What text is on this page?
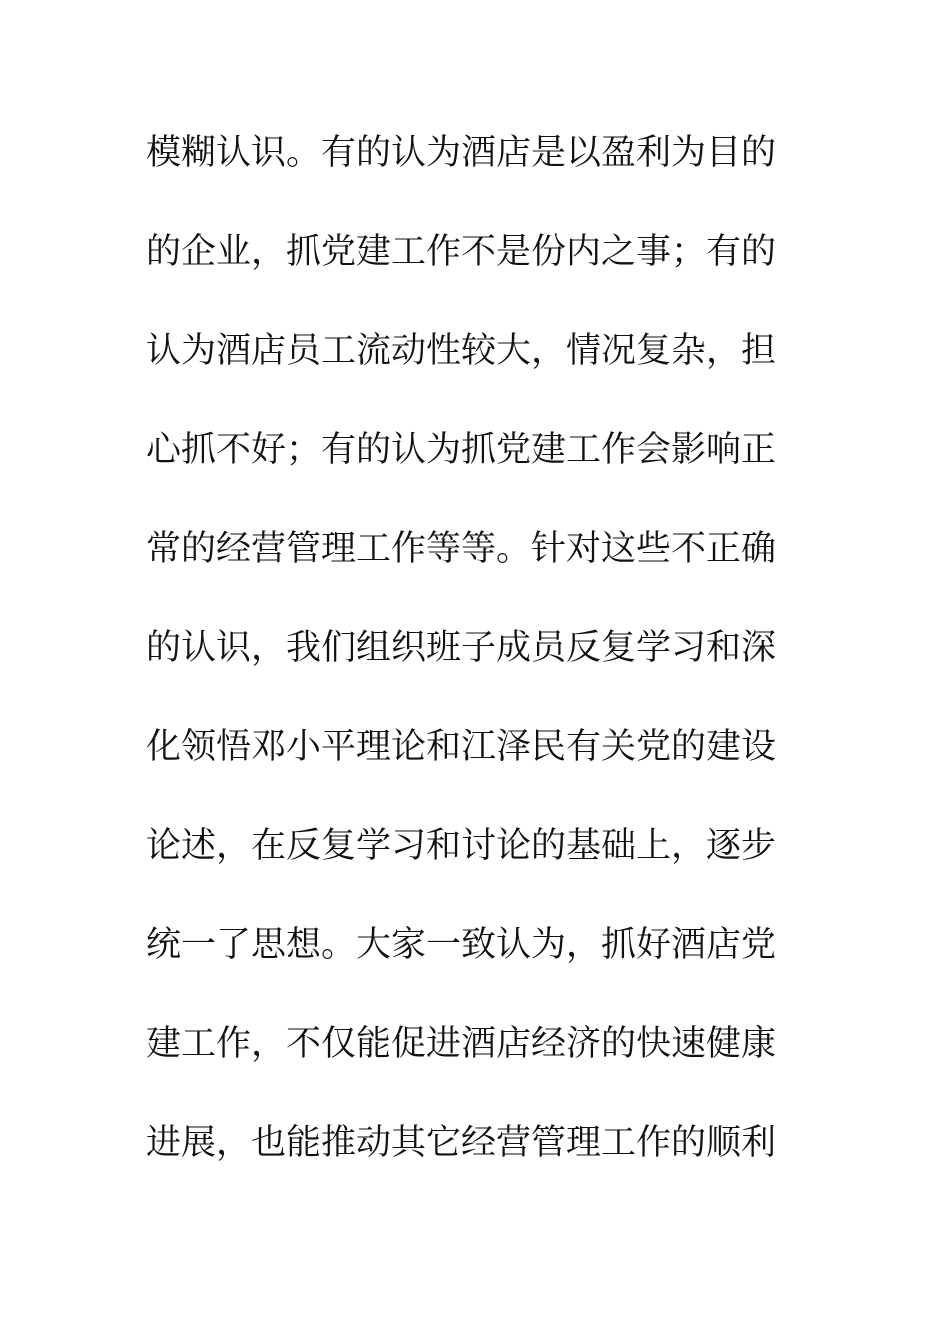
模糊认识。有的认为酒店是以盈利为目的
的企业，抓党建工作不是份内之事；有的
认为酒店员工流动性较大，情况复杂，担
心抓不好；有的认为抓党建工作会影响正
常的经营管理工作等等。针对这些不正确
的认识，我们组织班子成员反复学习和深
化领悟邓小平理论和江泽民有关党的建设
论述，在反复学习和讨论的基础上，逐步
统一了思想。大家一致认为，抓好酒店党
建工作，不仅能促进酒店经济的快速健康
进展，也能推动其它经营管理工作的顺利
